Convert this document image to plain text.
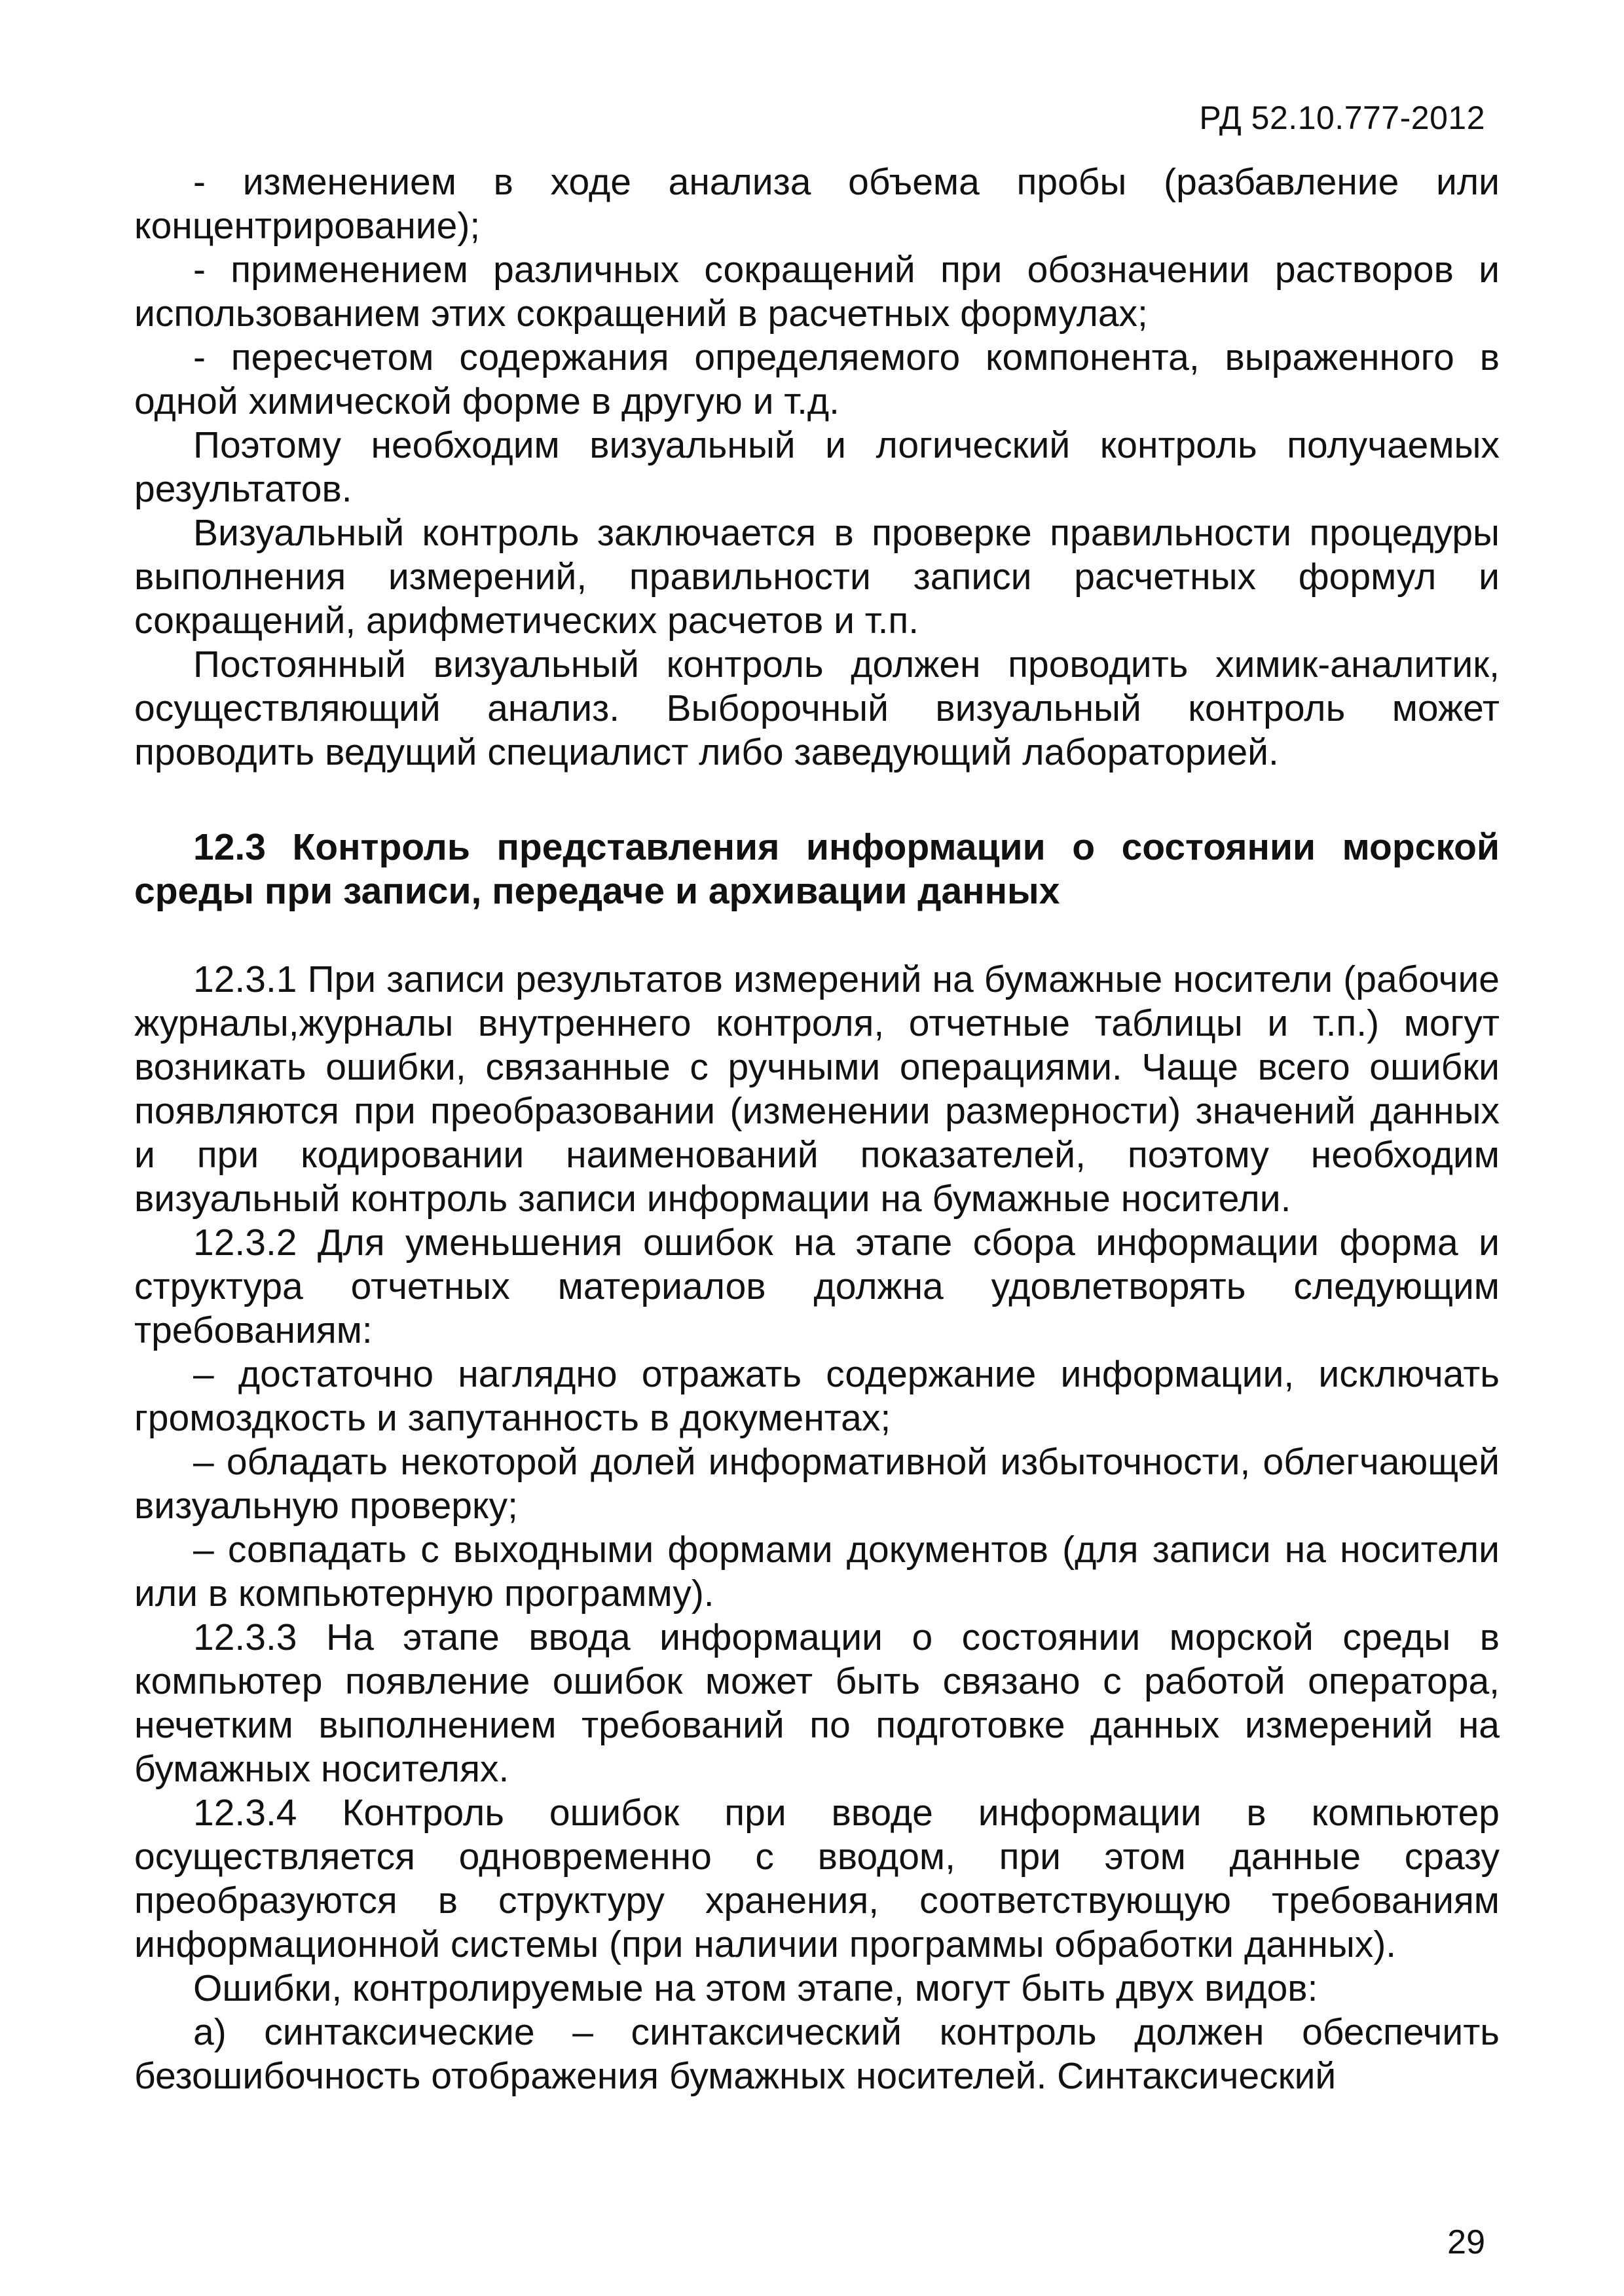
РД 52.10.777-2012

- изменением в ходе анализа объема пробы (разбавление или концентрирование);

- применением различных сокращений при обозначении растворов и использованием этих сокращений в расчетных формулах;

- пересчетом содержания определяемого компонента, выраженного в одной химической форме в другую и т.д.

Поэтому необходим визуальный и логический контроль получаемых результатов.

Визуальный контроль заключается в проверке правильности процедуры выполнения измерений, правильности записи расчетных формул и сокращений, арифметических расчетов и т.п.

Постоянный визуальный контроль должен проводить химик-аналитик, осуществляющий анализ. Выборочный визуальный контроль может проводить ведущий специалист либо заведующий лабораторией.

12.3 Контроль представления информации о состоянии морской среды при записи, передаче и архивации данных

12.3.1 При записи результатов измерений на бумажные носители (рабочие журналы,журналы внутреннего контроля, отчетные таблицы и т.п.) могут возникать ошибки, связанные с ручными операциями. Чаще всего ошибки появляются при преобразовании (изменении размерности) значений данных и при кодировании наименований показателей, поэтому необходим визуальный контроль записи информации на бумажные носители.

12.3.2 Для уменьшения ошибок на этапе сбора информации форма и структура отчетных материалов должна удовлетворять следующим требованиям:

– достаточно наглядно отражать содержание информации, исключать громоздкость и запутанность в документах;

– обладать некоторой долей информативной избыточности, облегчающей визуальную проверку;

– совпадать с выходными формами документов (для записи на носители или в компьютерную программу).

12.3.3 На этапе ввода информации о состоянии морской среды в компьютер появление ошибок может быть связано с работой оператора, нечетким выполнением требований по подготовке данных измерений на бумажных носителях.

12.3.4 Контроль ошибок при вводе информации в компьютер осуществляется одновременно с вводом, при этом данные сразу преобразуются в структуру хранения, соответствующую требованиям информационной системы (при наличии программы обработки данных).

Ошибки, контролируемые на этом этапе, могут быть двух видов:

а) синтаксические – синтаксический контроль должен обеспечить безошибочность отображения бумажных носителей. Синтаксический

29
